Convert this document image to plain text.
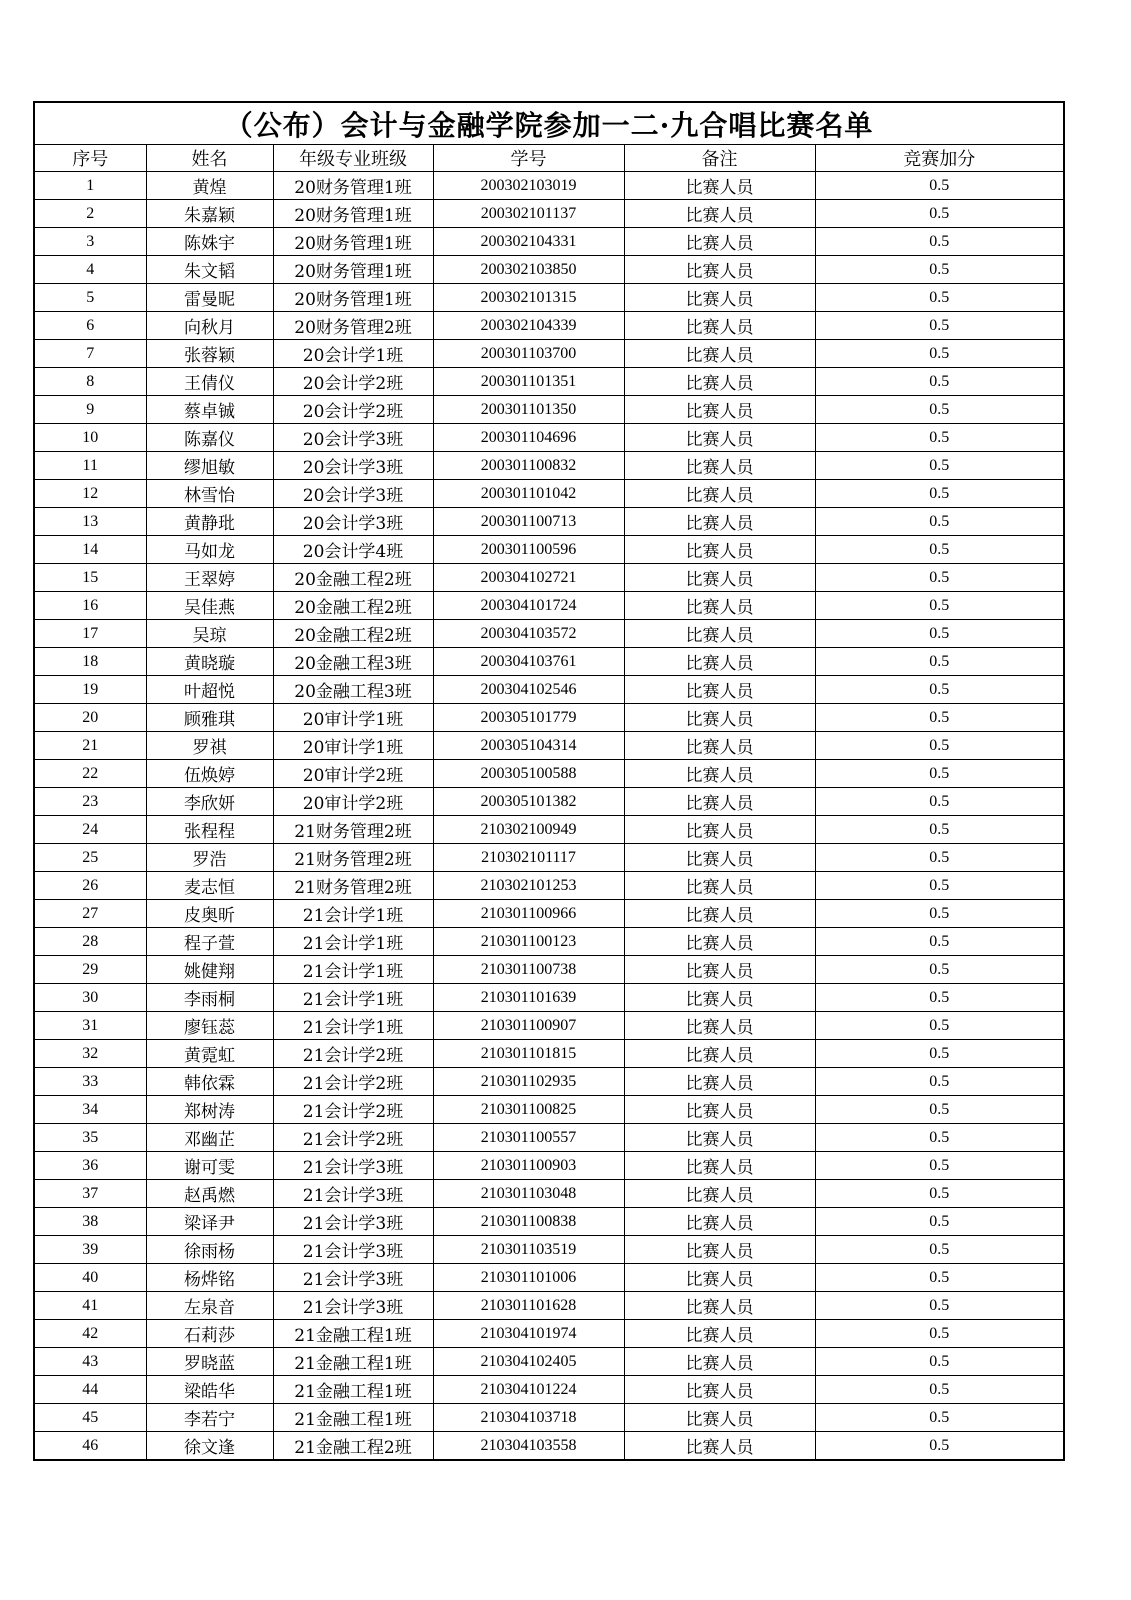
（公布）会计与金融学院参加一二·九合唱比赛名单					
序号	姓名	年级专业班级	学号	备注	竞赛加分
1	黄煌	20财务管理1班	200302103019	比赛人员	0.5
2	朱嘉颖	20财务管理1班	200302101137	比赛人员	0.5
3	陈姝宇	20财务管理1班	200302104331	比赛人员	0.5
4	朱文韬	20财务管理1班	200302103850	比赛人员	0.5
5	雷曼昵	20财务管理1班	200302101315	比赛人员	0.5
6	向秋月	20财务管理2班	200302104339	比赛人员	0.5
7	张蓉颖	20会计学1班	200301103700	比赛人员	0.5
8	王倩仪	20会计学2班	200301101351	比赛人员	0.5
9	蔡卓铖	20会计学2班	200301101350	比赛人员	0.5
10	陈嘉仪	20会计学3班	200301104696	比赛人员	0.5
11	缪旭敏	20会计学3班	200301100832	比赛人员	0.5
12	林雪怡	20会计学3班	200301101042	比赛人员	0.5
13	黄静玭	20会计学3班	200301100713	比赛人员	0.5
14	马如龙	20会计学4班	200301100596	比赛人员	0.5
15	王翠婷	20金融工程2班	200304102721	比赛人员	0.5
16	吴佳燕	20金融工程2班	200304101724	比赛人员	0.5
17	吴琼	20金融工程2班	200304103572	比赛人员	0.5
18	黄晓璇	20金融工程3班	200304103761	比赛人员	0.5
19	叶超悦	20金融工程3班	200304102546	比赛人员	0.5
20	顾雅琪	20审计学1班	200305101779	比赛人员	0.5
21	罗祺	20审计学1班	200305104314	比赛人员	0.5
22	伍焕婷	20审计学2班	200305100588	比赛人员	0.5
23	李欣妍	20审计学2班	200305101382	比赛人员	0.5
24	张程程	21财务管理2班	210302100949	比赛人员	0.5
25	罗浩	21财务管理2班	210302101117	比赛人员	0.5
26	麦志恒	21财务管理2班	210302101253	比赛人员	0.5
27	皮奥昕	21会计学1班	210301100966	比赛人员	0.5
28	程子萱	21会计学1班	210301100123	比赛人员	0.5
29	姚健翔	21会计学1班	210301100738	比赛人员	0.5
30	李雨桐	21会计学1班	210301101639	比赛人员	0.5
31	廖钰蕊	21会计学1班	210301100907	比赛人员	0.5
32	黄霓虹	21会计学2班	210301101815	比赛人员	0.5
33	韩依霖	21会计学2班	210301102935	比赛人员	0.5
34	郑树涛	21会计学2班	210301100825	比赛人员	0.5
35	邓幽芷	21会计学2班	210301100557	比赛人员	0.5
36	谢可雯	21会计学3班	210301100903	比赛人员	0.5
37	赵禹燃	21会计学3班	210301103048	比赛人员	0.5
38	梁译尹	21会计学3班	210301100838	比赛人员	0.5
39	徐雨杨	21会计学3班	210301103519	比赛人员	0.5
40	杨烨铭	21会计学3班	210301101006	比赛人员	0.5
41	左泉音	21会计学3班	210301101628	比赛人员	0.5
42	石莉莎	21金融工程1班	210304101974	比赛人员	0.5
43	罗晓蓝	21金融工程1班	210304102405	比赛人员	0.5
44	梁皓华	21金融工程1班	210304101224	比赛人员	0.5
45	李若宁	21金融工程1班	210304103718	比赛人员	0.5
46	徐文逢	21金融工程2班	210304103558	比赛人员	0.5
